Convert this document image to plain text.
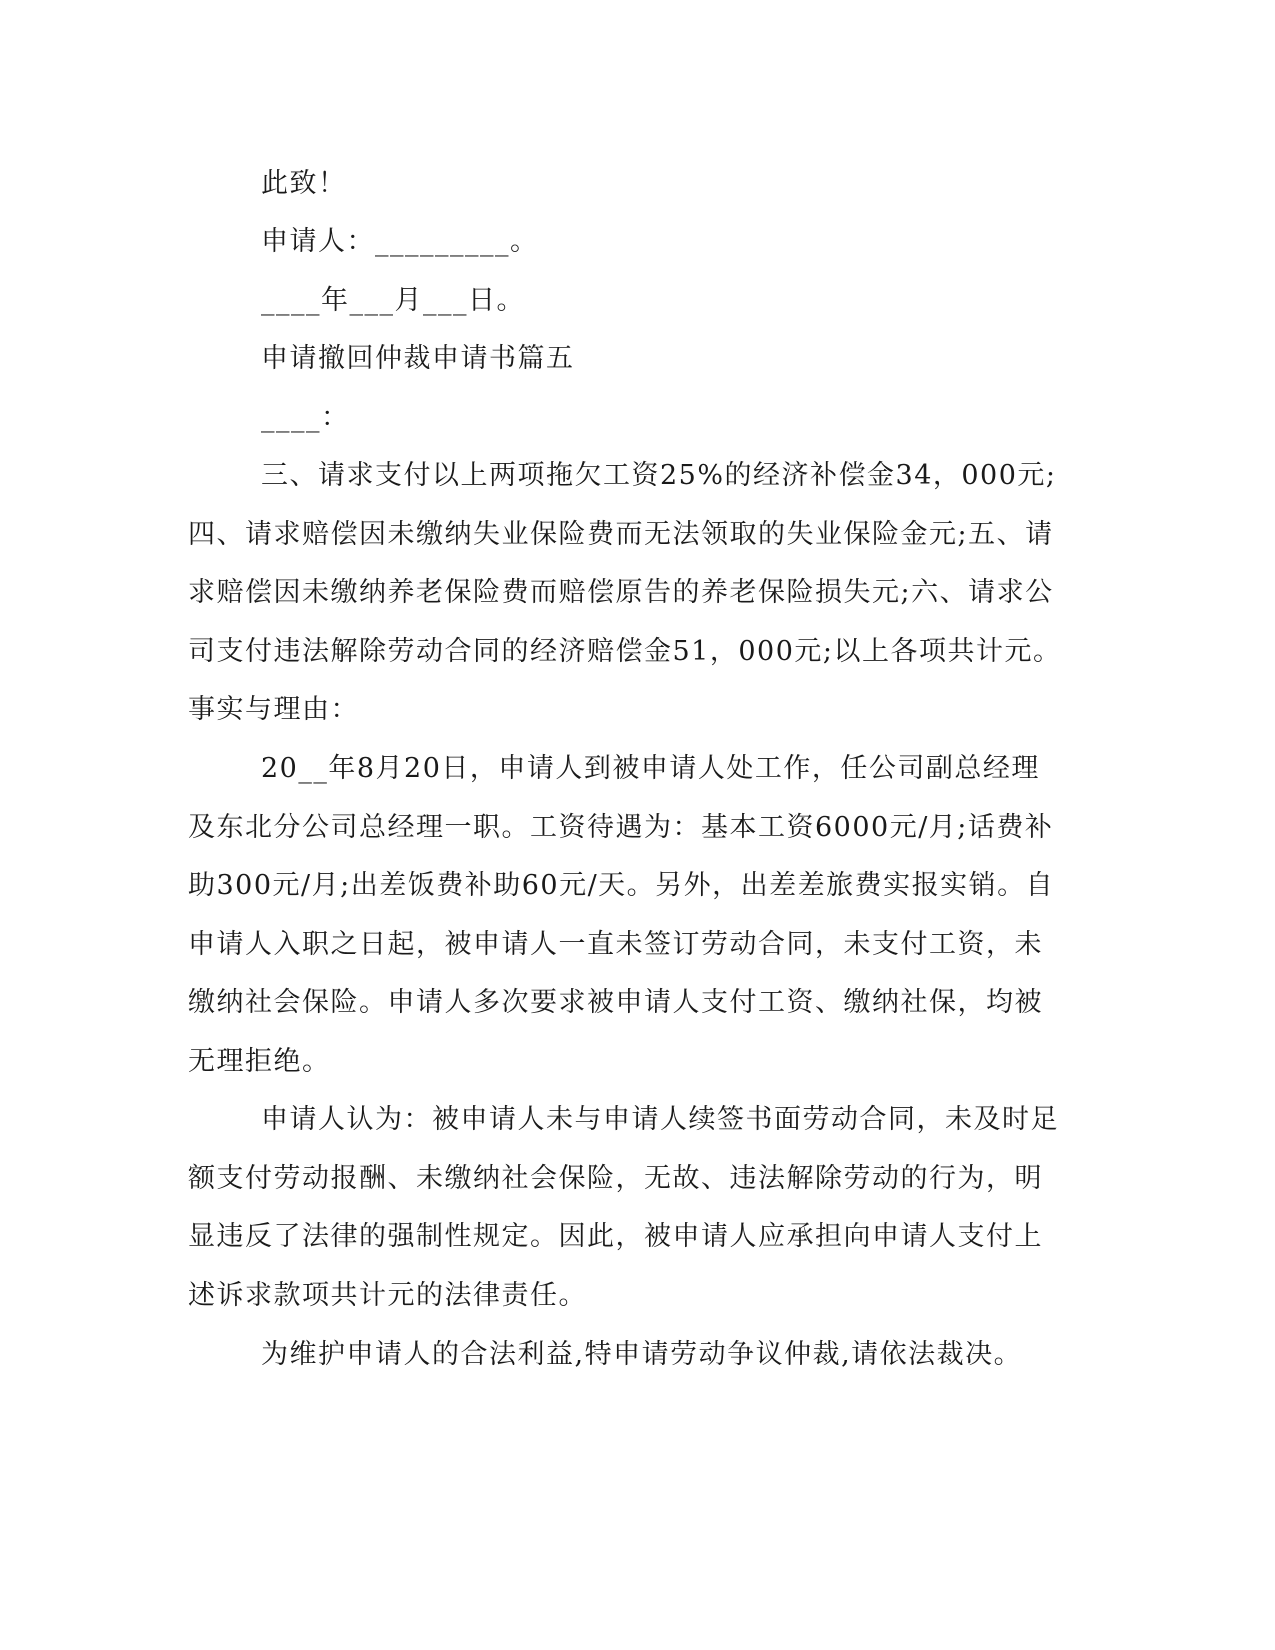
此致！
申请人：_________。
____年___月___日。
申请撤回仲裁申请书篇五
____：
三、请求支付以上两项拖欠工资25%的经济补偿金34，000元;
四、请求赔偿因未缴纳失业保险费而无法领取的失业保险金元;五、请
求赔偿因未缴纳养老保险费而赔偿原告的养老保险损失元;六、请求公
司支付违法解除劳动合同的经济赔偿金51，000元;以上各项共计元。
事实与理由：
20__年8月20日，申请人到被申请人处工作，任公司副总经理
及东北分公司总经理一职。工资待遇为：基本工资6000元/月;话费补
助300元/月;出差饭费补助60元/天。另外，出差差旅费实报实销。自
申请人入职之日起，被申请人一直未签订劳动合同，未支付工资，未
缴纳社会保险。申请人多次要求被申请人支付工资、缴纳社保，均被
无理拒绝。
申请人认为：被申请人未与申请人续签书面劳动合同，未及时足
额支付劳动报酬、未缴纳社会保险，无故、违法解除劳动的行为，明
显违反了法律的强制性规定。因此，被申请人应承担向申请人支付上
述诉求款项共计元的法律责任。
为维护申请人的合法利益,特申请劳动争议仲裁,请依法裁决。
